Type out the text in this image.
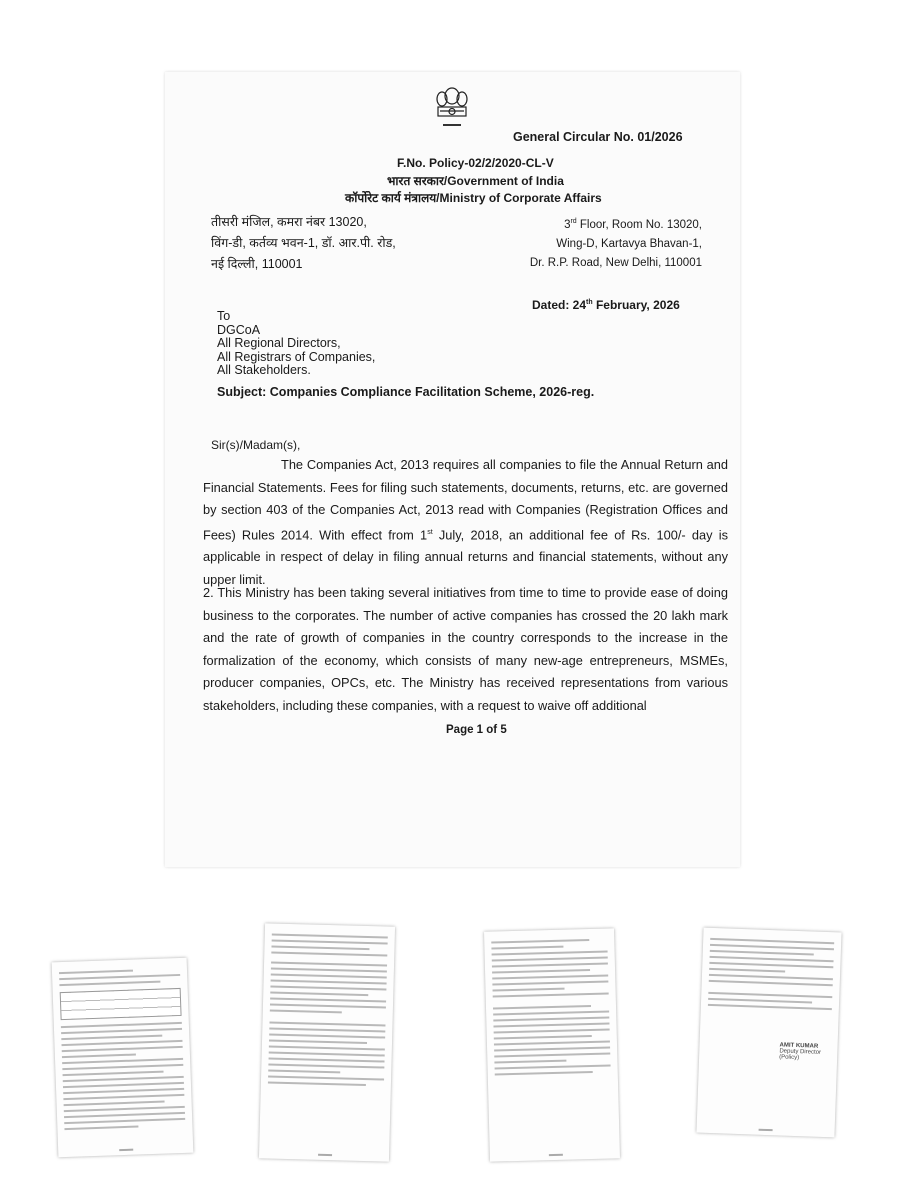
General Circular No. 01/2026
F.No. Policy-02/2/2020-CL-V
भारत सरकार/Government of India
कॉर्पोरेट कार्य मंत्रालय/Ministry of Corporate Affairs
तीसरी मंजिल, कमरा नंबर 13020,
विंग-डी, कर्तव्य भवन-1, डॉ. आर.पी. रोड,
नई दिल्ली, 110001
3rd Floor, Room No. 13020,
Wing-D, Kartavya Bhavan-1,
Dr. R.P. Road, New Delhi, 110001
Dated: 24th February, 2026
To
DGCoA
All Regional Directors,
All Registrars of Companies,
All Stakeholders.
Subject: Companies Compliance Facilitation Scheme, 2026-reg.
Sir(s)/Madam(s),
The Companies Act, 2013 requires all companies to file the Annual Return and Financial Statements. Fees for filing such statements, documents, returns, etc. are governed by section 403 of the Companies Act, 2013 read with Companies (Registration Offices and Fees) Rules 2014. With effect from 1st July, 2018, an additional fee of Rs. 100/- day is applicable in respect of delay in filing annual returns and financial statements, without any upper limit.
2. This Ministry has been taking several initiatives from time to time to provide ease of doing business to the corporates. The number of active companies has crossed the 20 lakh mark and the rate of growth of companies in the country corresponds to the increase in the formalization of the economy, which consists of many new-age entrepreneurs, MSMEs, producer companies, OPCs, etc. The Ministry has received representations from various stakeholders, including these companies, with a request to waive off additional
Page 1 of 5
AMIT KUMAR
Deputy Director (Policy)
